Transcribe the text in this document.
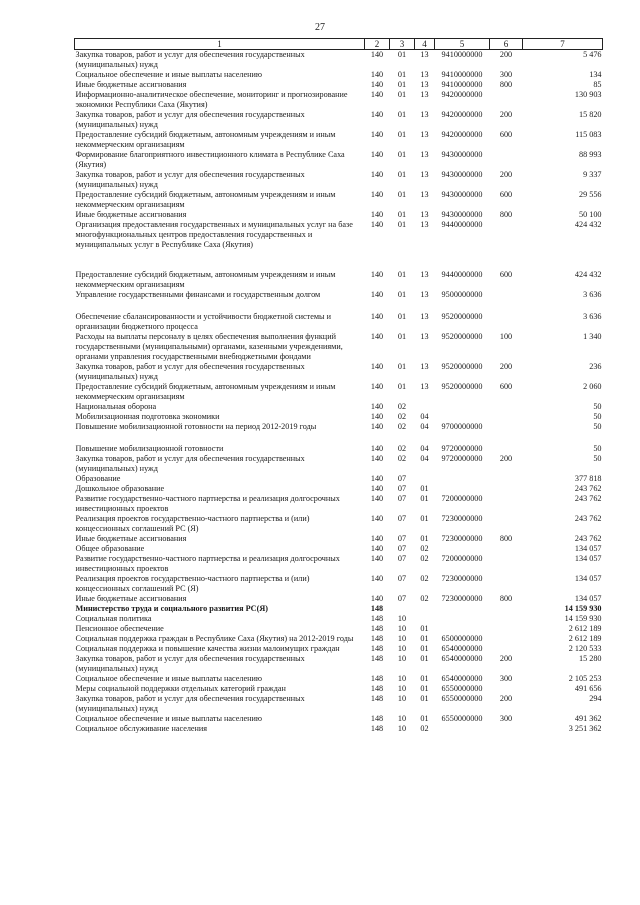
27
1	2	3	4	5	6	7
Закупка товаров, работ и услуг для обеспечения государственных (муниципальных) нужд	140	01	13	9410000000	200	5 476
Социальное обеспечение и иные выплаты населению	140	01	13	9410000000	300	134
Иные бюджетные ассигнования	140	01	13	9410000000	800	85
Информационно-аналитическое обеспечение, мониторинг и прогнозирование экономики Республики Саха (Якутия)	140	01	13	9420000000		130 903
Закупка товаров, работ и услуг для обеспечения государственных (муниципальных) нужд	140	01	13	9420000000	200	15 820
Предоставление субсидий бюджетным, автономным учреждениям и иным некоммерческим организациям	140	01	13	9420000000	600	115 083
Формирование благоприятного инвестиционного климата в Республике Саха (Якутия)	140	01	13	9430000000		88 993
Закупка товаров, работ и услуг для обеспечения государственных (муниципальных) нужд	140	01	13	9430000000	200	9 337
Предоставление субсидий бюджетным, автономным учреждениям и иным некоммерческим организациям	140	01	13	9430000000	600	29 556
Иные бюджетные ассигнования	140	01	13	9430000000	800	50 100
Организация предоставления государственных и муниципальных услуг на базе многофункциональных центров предоставления государственных и муниципальных услуг в Республике Саха (Якутия)	140	01	13	9440000000		424 432
Предоставление субсидий бюджетным, автономным учреждениям и иным некоммерческим организациям	140	01	13	9440000000	600	424 432
Управление государственными финансами и государственным долгом	140	01	13	9500000000		3 636
Обеспечение сбалансированности и устойчивости бюджетной системы и организации бюджетного процесса	140	01	13	9520000000		3 636
Расходы на выплаты персоналу в целях обеспечения выполнения функций государственными (муниципальными) органами, казенными учреждениями, органами управления государственными внебюджетными фондами	140	01	13	9520000000	100	1 340
Закупка товаров, работ и услуг для обеспечения государственных (муниципальных) нужд	140	01	13	9520000000	200	236
Предоставление субсидий бюджетным, автономным учреждениям и иным некоммерческим организациям	140	01	13	9520000000	600	2 060
Национальная оборона	140	02				50
Мобилизационная подготовка экономики	140	02	04			50
Повышение мобилизационной готовности на период 2012-2019 годы	140	02	04	9700000000		50
Повышение мобилизационной готовности	140	02	04	9720000000		50
Закупка товаров, работ и услуг для обеспечения государственных (муниципальных) нужд	140	02	04	9720000000	200	50
Образование	140	07				377 818
Дошкольное образование	140	07	01			243 762
Развитие государственно-частного партнерства и реализация долгосрочных инвестиционных проектов	140	07	01	7200000000		243 762
Реализация проектов государственно-частного партнерства и (или) концессионных соглашений РС (Я)	140	07	01	7230000000		243 762
Иные бюджетные ассигнования	140	07	01	7230000000	800	243 762
Общее образование	140	07	02			134 057
Развитие государственно-частного партнерства и реализация долгосрочных инвестиционных проектов	140	07	02	7200000000		134 057
Реализация проектов государственно-частного партнерства и (или) концессионных соглашений РС (Я)	140	07	02	7230000000		134 057
Иные бюджетные ассигнования	140	07	02	7230000000	800	134 057
Министерство труда и социального развития РС(Я)	148					14 159 930
Социальная политика	148	10				14 159 930
Пенсионное обеспечение	148	10	01			2 612 189
Социальная поддержка граждан в Республике Саха (Якутия) на 2012-2019 годы	148	10	01	6500000000		2 612 189
Социальная поддержка и повышение качества жизни малоимущих граждан	148	10	01	6540000000		2 120 533
Закупка товаров, работ и услуг для обеспечения государственных (муниципальных) нужд	148	10	01	6540000000	200	15 280
Социальное обеспечение и иные выплаты населению	148	10	01	6540000000	300	2 105 253
Меры социальной поддержки отдельных категорий граждан	148	10	01	6550000000		491 656
Закупка товаров, работ и услуг для обеспечения государственных (муниципальных) нужд	148	10	01	6550000000	200	294
Социальное обеспечение и иные выплаты населению	148	10	01	6550000000	300	491 362
Социальное обслуживание населения	148	10	02			3 251 362
